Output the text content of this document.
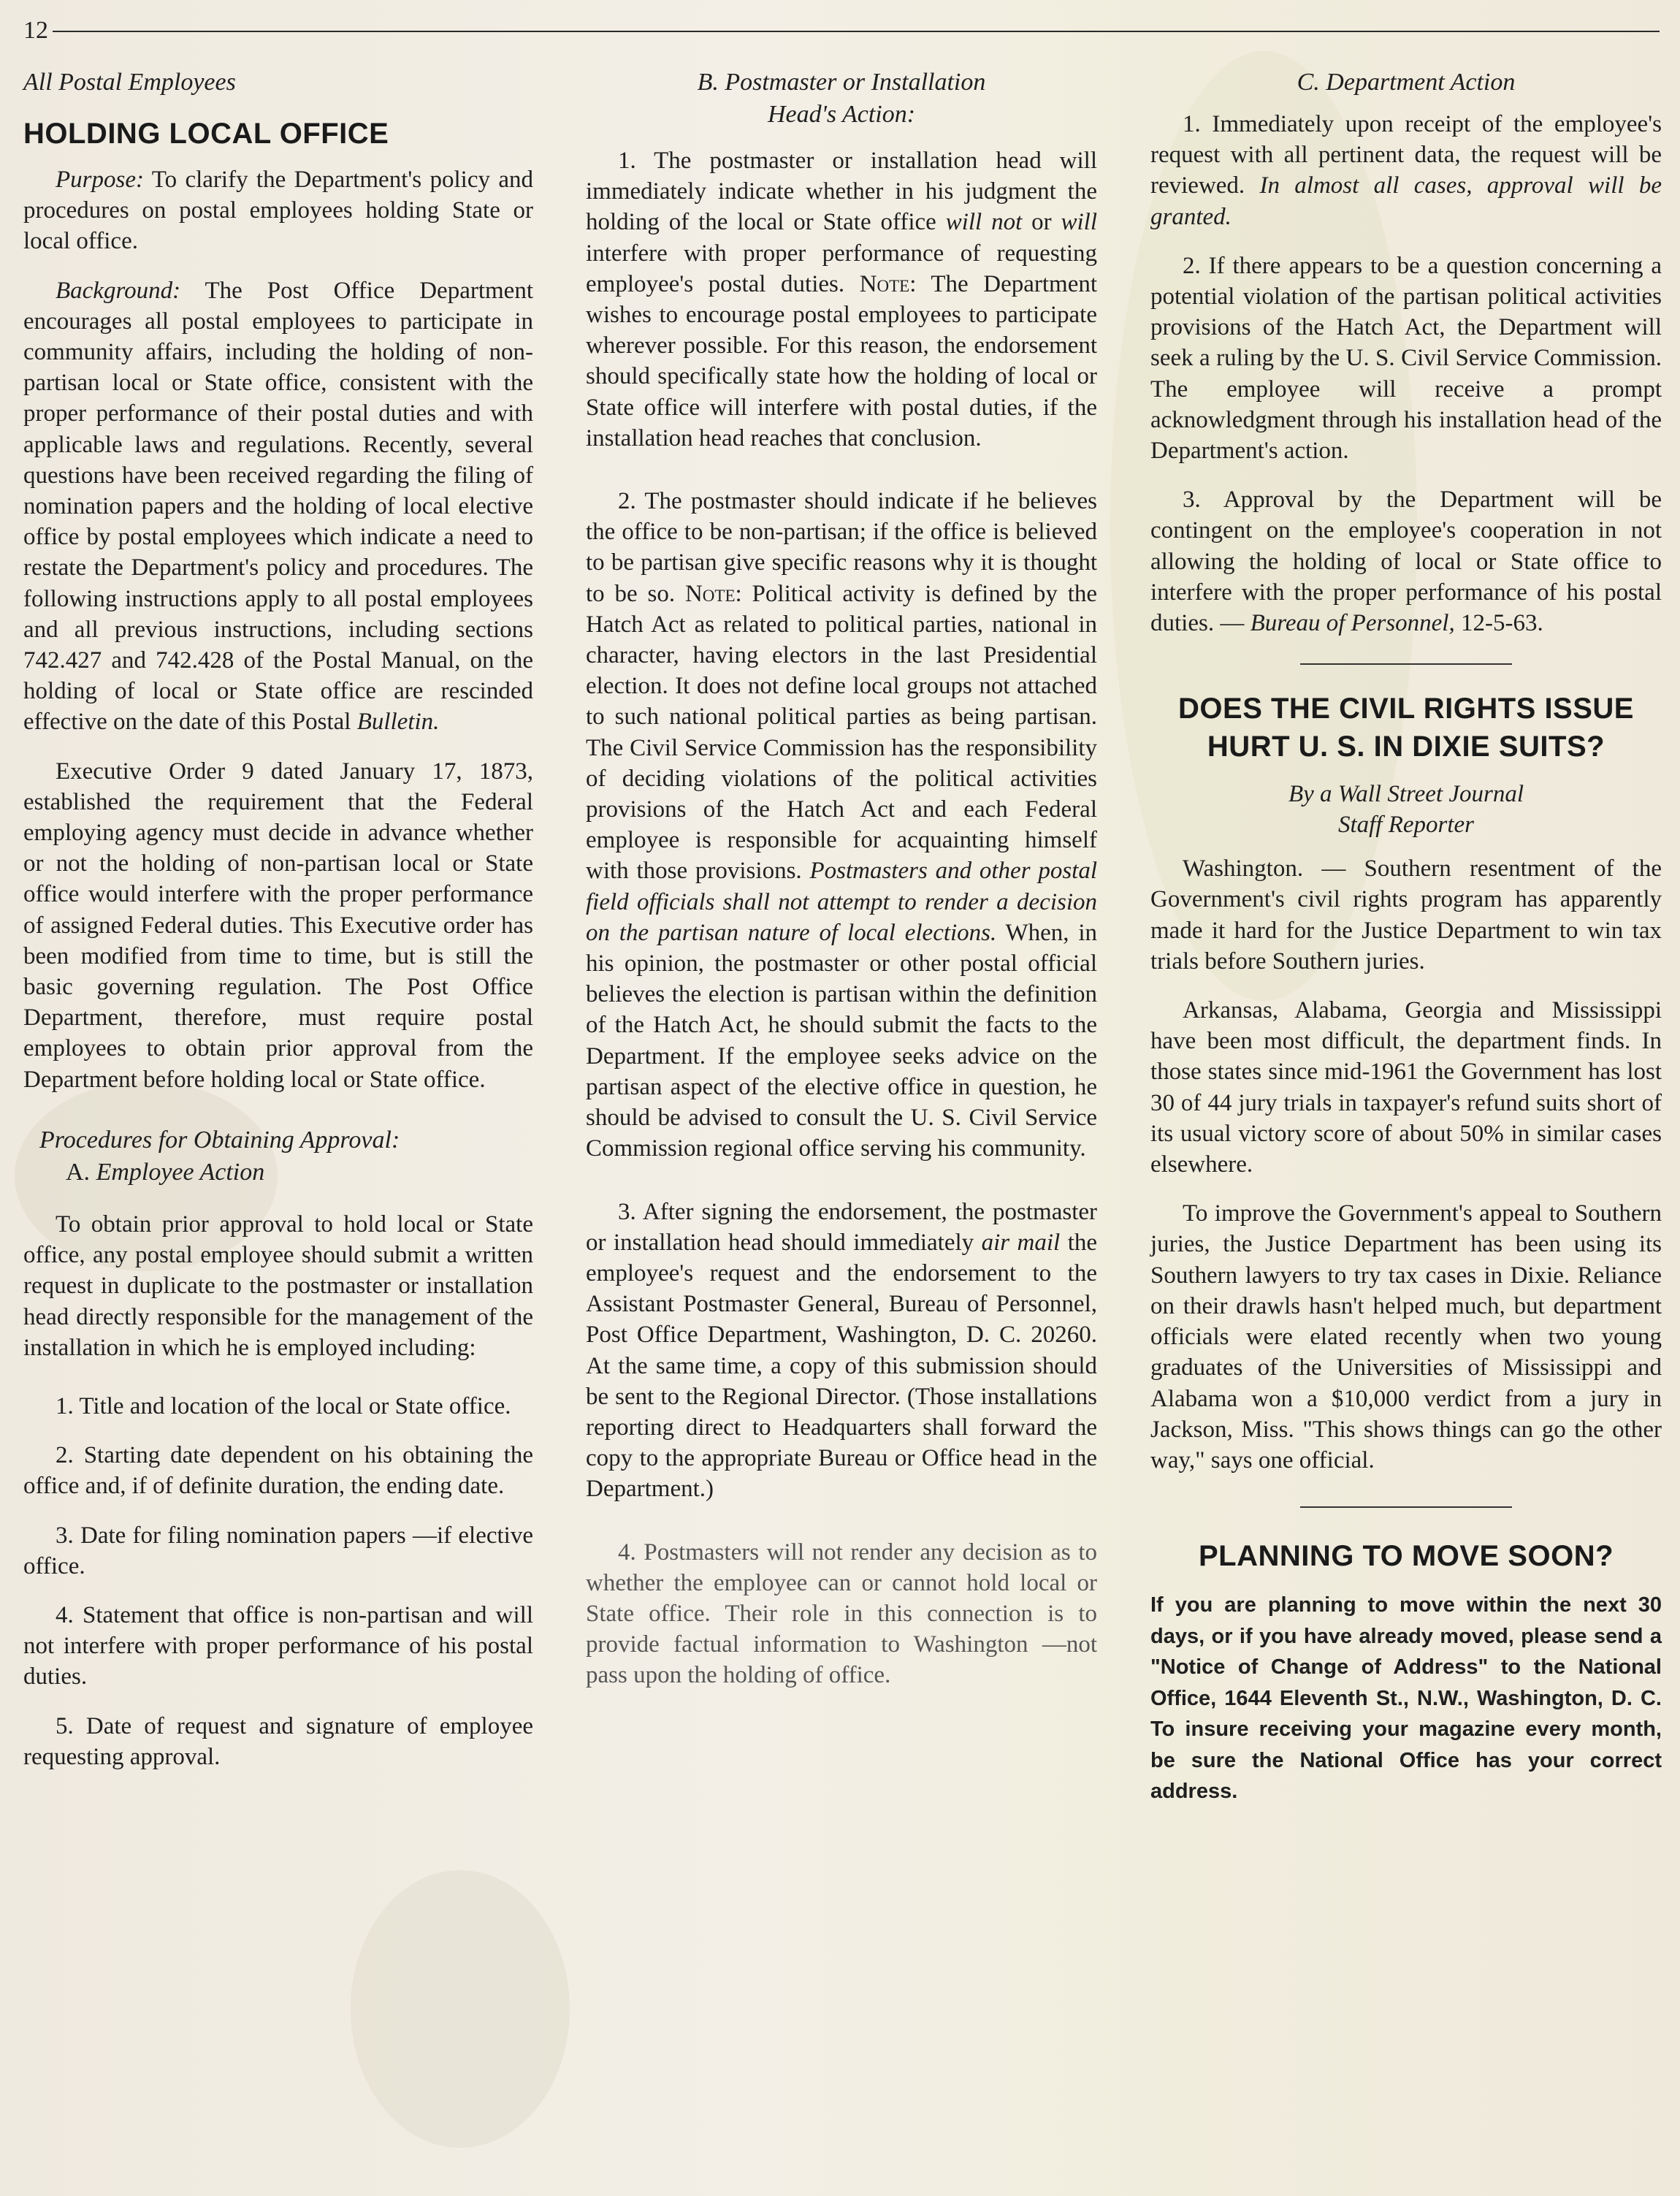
12
All Postal Employees
HOLDING LOCAL OFFICE

Purpose: To clarify the Department's policy and procedures on postal employees holding State or local office.

Background: The Post Office Department encourages all postal employees to participate in community affairs, including the holding of non-partisan local or State office, consistent with the proper performance of their postal duties and with applicable laws and regulations. Recently, several questions have been received regarding the filing of nomination papers and the holding of local elective office by postal employees which indicate a need to restate the Department's policy and procedures. The following instructions apply to all postal employees and all previous instructions, including sections 742.427 and 742.428 of the Postal Manual, on the holding of local or State office are rescinded effective on the date of this Postal Bulletin.

Executive Order 9 dated January 17, 1873, established the requirement that the Federal employing agency must decide in advance whether or not the holding of non-partisan local or State office would interfere with the proper performance of assigned Federal duties. This Executive order has been modified from time to time, but is still the basic governing regulation. The Post Office Department, therefore, must require postal employees to obtain prior approval from the Department before holding local or State office.

Procedures for Obtaining Approval:
A. Employee Action

To obtain prior approval to hold local or State office, any postal employee should submit a written request in duplicate to the postmaster or installation head directly responsible for the management of the installation in which he is employed including:

1. Title and location of the local or State office.

2. Starting date dependent on his obtaining the office and, if of definite duration, the ending date.

3. Date for filing nomination papers —if elective office.

4. Statement that office is non-partisan and will not interfere with proper performance of his postal duties.

5. Date of request and signature of employee requesting approval.

B. Postmaster or Installation
Head's Action:

1. The postmaster or installation head will immediately indicate whether in his judgment the holding of the local or State office will not or will interfere with proper performance of requesting employee's postal duties. Note: The Department wishes to encourage postal employees to participate wherever possible. For this reason, the endorsement should specifically state how the holding of local or State office will interfere with postal duties, if the installation head reaches that conclusion.

2. The postmaster should indicate if he believes the office to be non-partisan; if the office is believed to be partisan give specific reasons why it is thought to be so. Note: Political activity is defined by the Hatch Act as related to political parties, national in character, having electors in the last Presidential election. It does not define local groups not attached to such national political parties as being partisan. The Civil Service Commission has the responsibility of deciding violations of the political activities provisions of the Hatch Act and each Federal employee is responsible for acquainting himself with those provisions. Postmasters and other postal field officials shall not attempt to render a decision on the partisan nature of local elections. When, in his opinion, the postmaster or other postal official believes the election is partisan within the definition of the Hatch Act, he should submit the facts to the Department. If the employee seeks advice on the partisan aspect of the elective office in question, he should be advised to consult the U. S. Civil Service Commission regional office serving his community.

3. After signing the endorsement, the postmaster or installation head should immediately air mail the employee's request and the endorsement to the Assistant Postmaster General, Bureau of Personnel, Post Office Department, Washington, D. C. 20260. At the same time, a copy of this submission should be sent to the Regional Director. (Those installations reporting direct to Headquarters shall forward the copy to the appropriate Bureau or Office head in the Department.)

4. Postmasters will not render any decision as to whether the employee can or cannot hold local or State office. Their role in this connection is to provide factual information to Washington —not pass upon the holding of office.

C. Department Action

1. Immediately upon receipt of the employee's request with all pertinent data, the request will be reviewed. In almost all cases, approval will be granted.

2. If there appears to be a question concerning a potential violation of the partisan political activities provisions of the Hatch Act, the Department will seek a ruling by the U. S. Civil Service Commission. The employee will receive a prompt acknowledgment through his installation head of the Department's action.

3. Approval by the Department will be contingent on the employee's cooperation in not allowing the holding of local or State office to interfere with the proper performance of his postal duties. — Bureau of Personnel, 12-5-63.

DOES THE CIVIL RIGHTS ISSUE
HURT U. S. IN DIXIE SUITS?
By a Wall Street Journal
Staff Reporter

Washington. — Southern resentment of the Government's civil rights program has apparently made it hard for the Justice Department to win tax trials before Southern juries.

Arkansas, Alabama, Georgia and Mississippi have been most difficult, the department finds. In those states since mid-1961 the Government has lost 30 of 44 jury trials in taxpayer's refund suits short of its usual victory score of about 50% in similar cases elsewhere.

To improve the Government's appeal to Southern juries, the Justice Department has been using its Southern lawyers to try tax cases in Dixie. Reliance on their drawls hasn't helped much, but department officials were elated recently when two young graduates of the Universities of Mississippi and Alabama won a $10,000 verdict from a jury in Jackson, Miss. "This shows things can go the other way," says one official.

PLANNING TO MOVE SOON?

If you are planning to move within the next 30 days, or if you have already moved, please send a "Notice of Change of Address" to the National Office, 1644 Eleventh St., N.W., Washington, D. C. To insure receiving your magazine every month, be sure the National Office has your correct address.
